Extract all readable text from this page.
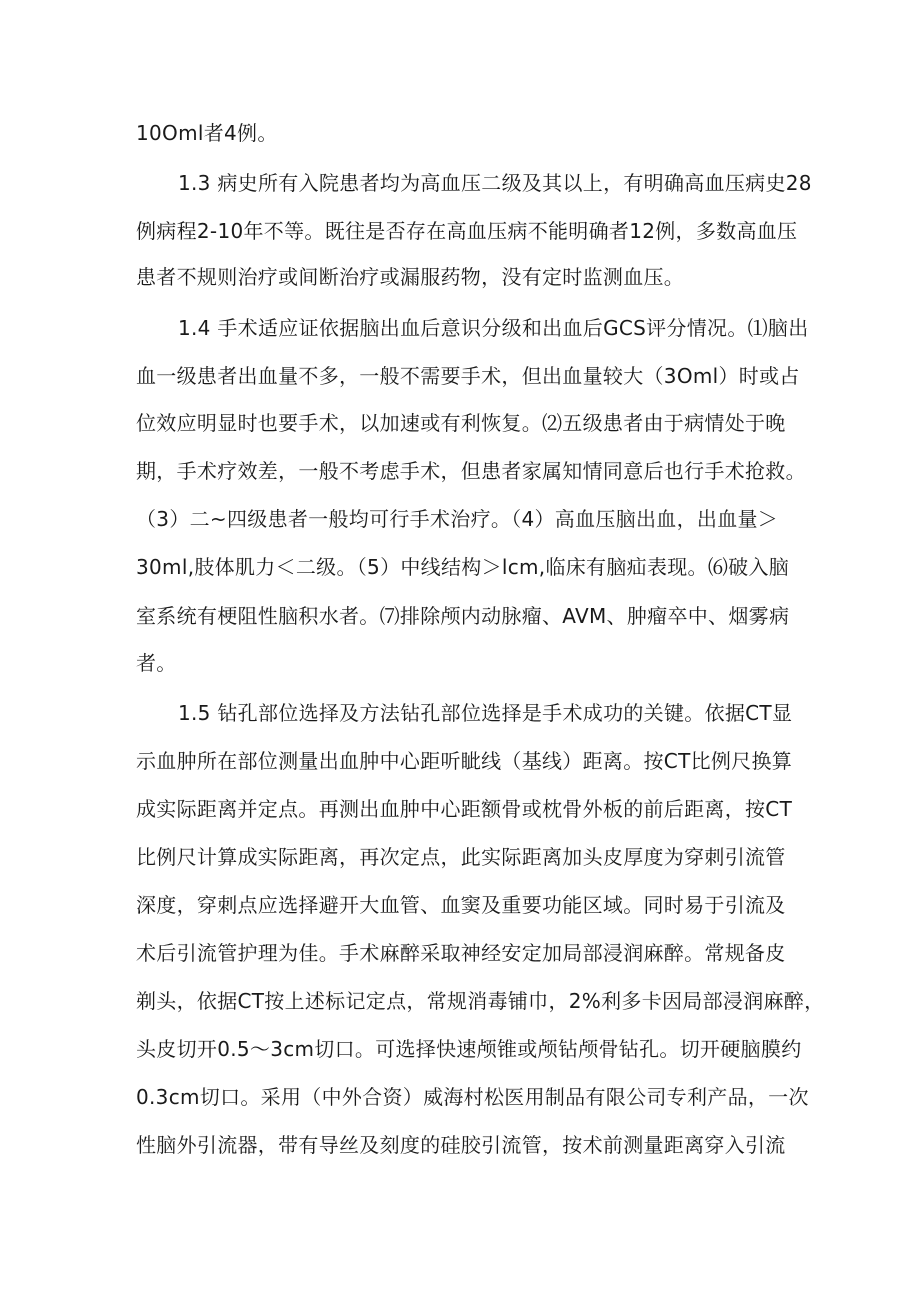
10Oml者4例。

1.3 病史所有入院患者均为高血压二级及其以上，有明确高血压病史28

例病程2-10年不等。既往是否存在高血压病不能明确者12例，多数高血压

患者不规则治疗或间断治疗或漏服药物，没有定时监测血压。

1.4 手术适应证依据脑出血后意识分级和出血后GCS评分情况。⑴脑出

血一级患者出血量不多，一般不需要手术，但出血量较大（3Oml）时或占

位效应明显时也要手术，以加速或有利恢复。⑵五级患者由于病情处于晚

期，手术疗效差，一般不考虑手术，但患者家属知情同意后也行手术抢救。

（3）二~四级患者一般均可行手术治疗。（4）高血压脑出血，出血量＞

30ml,肢体肌力＜二级。（5）中线结构＞lcm,临床有脑疝表现。⑹破入脑

室系统有梗阻性脑积水者。⑺排除颅内动脉瘤、AVM、肿瘤卒中、烟雾病

者。

1.5 钻孔部位选择及方法钻孔部位选择是手术成功的关键。依据CT显

示血肿所在部位测量出血肿中心距听眦线（基线）距离。按CT比例尺换算

成实际距离并定点。再测出血肿中心距额骨或枕骨外板的前后距离，按CT

比例尺计算成实际距离，再次定点，此实际距离加头皮厚度为穿刺引流管

深度，穿刺点应选择避开大血管、血窦及重要功能区域。同时易于引流及

术后引流管护理为佳。手术麻醉采取神经安定加局部浸润麻醉。常规备皮

剃头，依据CT按上述标记定点，常规消毒铺巾，2%利多卡因局部浸润麻醉，

头皮切开0.5～3cm切口。可选择快速颅锥或颅钻颅骨钻孔。切开硬脑膜约

0.3cm切口。采用（中外合资）威海村松医用制品有限公司专利产品，一次

性脑外引流器，带有导丝及刻度的硅胶引流管，按术前测量距离穿入引流
